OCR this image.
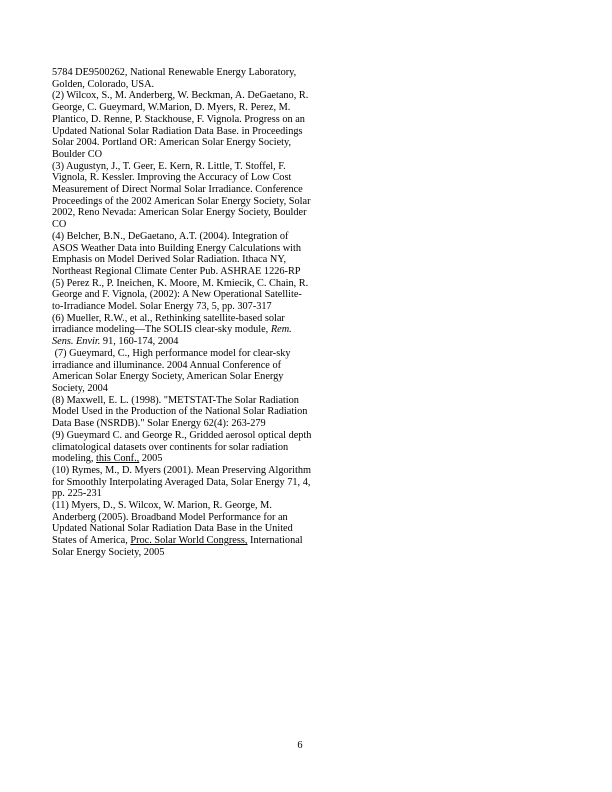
5784 DE9500262, National Renewable Energy Laboratory, Golden, Colorado, USA.

(2) Wilcox, S., M. Anderberg, W. Beckman, A. DeGaetano, R. George, C. Gueymard, W.Marion, D. Myers, R. Perez, M. Plantico, D. Renne, P. Stackhouse, F. Vignola. Progress on an Updated National Solar Radiation Data Base. in Proceedings Solar 2004. Portland OR: American Solar Energy Society, Boulder CO

(3) Augustyn, J., T. Geer, E. Kern, R. Little, T. Stoffel, F. Vignola, R. Kessler. Improving the Accuracy of Low Cost Measurement of Direct Normal Solar Irradiance. Conference Proceedings of the 2002 American Solar Energy Society, Solar 2002, Reno Nevada: American Solar Energy Society, Boulder CO

(4) Belcher, B.N., DeGaetano, A.T. (2004). Integration of ASOS Weather Data into Building Energy Calculations with Emphasis on Model Derived Solar Radiation. Ithaca NY, Northeast Regional Climate Center Pub. ASHRAE 1226-RP

(5) Perez R., P. Ineichen, K. Moore, M. Kmiecik, C. Chain, R. George and F. Vignola, (2002): A New Operational Satellite-to-Irradiance Model. Solar Energy 73, 5, pp. 307-317

(6) Mueller, R.W., et al., Rethinking satellite-based solar irradiance modeling—The SOLIS clear-sky module, Rem. Sens. Envir. 91, 160-174, 2004

(7) Gueymard, C., High performance model for clear-sky irradiance and illuminance. 2004 Annual Conference of American Solar Energy Society, American Solar Energy Society, 2004

(8) Maxwell, E. L. (1998). "METSTAT-The Solar Radiation Model Used in the Production of the National Solar Radiation Data Base (NSRDB)." Solar Energy 62(4): 263-279

(9) Gueymard C. and George R., Gridded aerosol optical depth climatological datasets over continents for solar radiation modeling, this Conf., 2005

(10) Rymes, M., D. Myers (2001). Mean Preserving Algorithm for Smoothly Interpolating Averaged Data, Solar Energy 71, 4, pp. 225-231

(11) Myers, D., S. Wilcox, W. Marion, R. George, M. Anderberg (2005). Broadband Model Performance for an Updated National Solar Radiation Data Base in the United States of America, Proc. Solar World Congress, International Solar Energy Society, 2005

6
